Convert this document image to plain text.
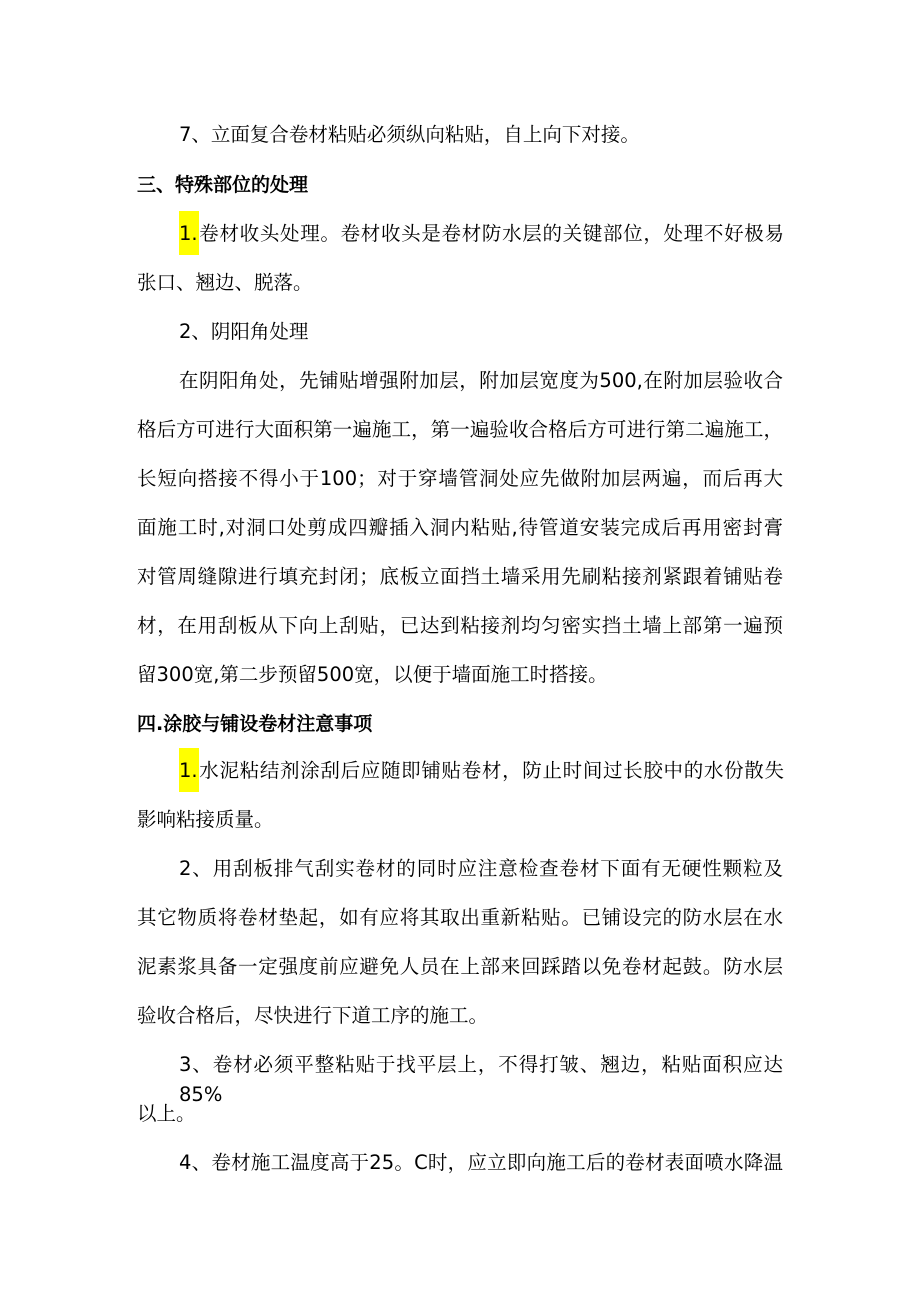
7、立面复合卷材粘贴必须纵向粘贴，自上向下对接。
三、特殊部位的处理
1.卷材收头处理。卷材收头是卷材防水层的关键部位，处理不好极易
张口、翘边、脱落。
2、阴阳角处理
在阴阳角处，先铺贴增强附加层，附加层宽度为500,在附加层验收合
格后方可进行大面积第一遍施工，第一遍验收合格后方可进行第二遍施工，
长短向搭接不得小于100；对于穿墙管洞处应先做附加层两遍，而后再大
面施工时,对洞口处剪成四瓣插入洞内粘贴,待管道安装完成后再用密封膏
对管周缝隙进行填充封闭；底板立面挡土墙采用先刷粘接剂紧跟着铺贴卷
材，在用刮板从下向上刮贴，已达到粘接剂均匀密实挡土墙上部第一遍预
留300宽,第二步预留500宽，以便于墙面施工时搭接。
四.涂胶与铺设卷材注意事项
1.水泥粘结剂涂刮后应随即铺贴卷材，防止时间过长胶中的水份散失
影响粘接质量。
2、用刮板排气刮实卷材的同时应注意检查卷材下面有无硬性颗粒及
其它物质将卷材垫起，如有应将其取出重新粘贴。已铺设完的防水层在水
泥素浆具备一定强度前应避免人员在上部来回踩踏以免卷材起鼓。防水层
验收合格后，尽快进行下道工序的施工。
3、卷材必须平整粘贴于找平层上，不得打皱、翘边，粘贴面积应达85%
以上。
4、卷材施工温度高于25。C时，应立即向施工后的卷材表面喷水降温
